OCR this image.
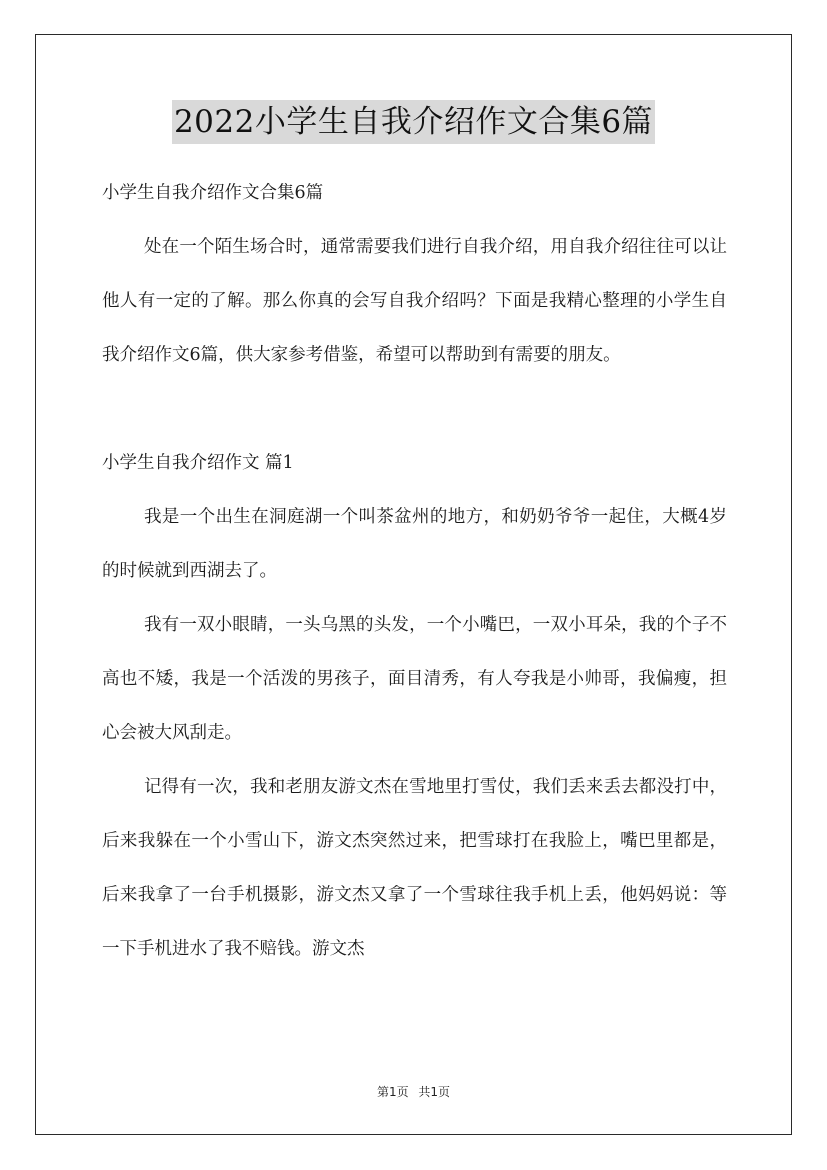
2022小学生自我介绍作文合集6篇

小学生自我介绍作文合集6篇

处在一个陌生场合时，通常需要我们进行自我介绍，用自我介绍往往可以让他人有一定的了解。那么你真的会写自我介绍吗？下面是我精心整理的小学生自我介绍作文6篇，供大家参考借鉴，希望可以帮助到有需要的朋友。

小学生自我介绍作文 篇1

我是一个出生在洞庭湖一个叫茶盆州的地方，和奶奶爷爷一起住，大概4岁的时候就到西湖去了。

我有一双小眼睛，一头乌黑的头发，一个小嘴巴，一双小耳朵，我的个子不高也不矮，我是一个活泼的男孩子，面目清秀，有人夸我是小帅哥，我偏瘦，担心会被大风刮走。

记得有一次，我和老朋友游文杰在雪地里打雪仗，我们丢来丢去都没打中，后来我躲在一个小雪山下，游文杰突然过来，把雪球打在我脸上，嘴巴里都是，后来我拿了一台手机摄影，游文杰又拿了一个雪球往我手机上丢，他妈妈说：等一下手机进水了我不赔钱。游文杰

第1页 共1页
